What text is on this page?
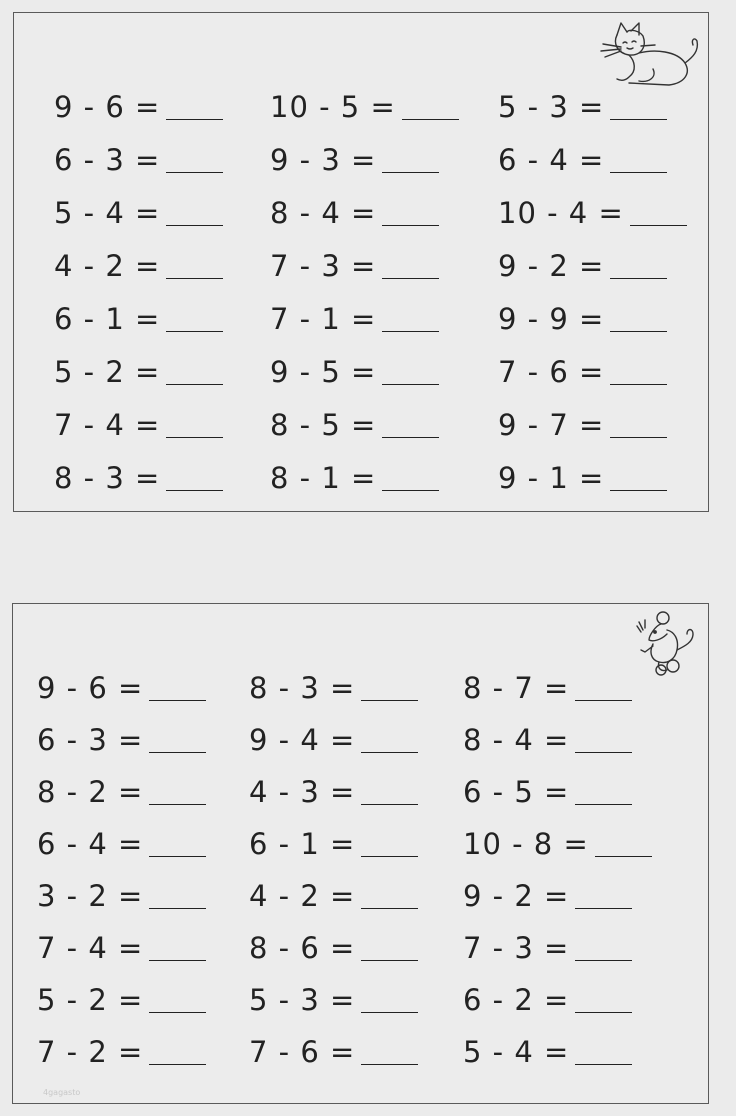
9 - 6 =	10 - 5 =	5 - 3 =
6 - 3 =	9 - 3 =	6 - 4 =
5 - 4 =	8 - 4 =	10 - 4 =
4 - 2 =	7 - 3 =	9 - 2 =
6 - 1 =	7 - 1 =	9 - 9 =
5 - 2 =	9 - 5 =	7 - 6 =
7 - 4 =	8 - 5 =	9 - 7 =
8 - 3 =	8 - 1 =	9 - 1 =
9 - 6 =	8 - 3 =	8 - 7 =
6 - 3 =	9 - 4 =	8 - 4 =
8 - 2 =	4 - 3 =	6 - 5 =
6 - 4 =	6 - 1 =	10 - 8 =
3 - 2 =	4 - 2 =	9 - 2 =
7 - 4 =	8 - 6 =	7 - 3 =
5 - 2 =	5 - 3 =	6 - 2 =
7 - 2 =	7 - 6 =	5 - 4 =
4gagasto
